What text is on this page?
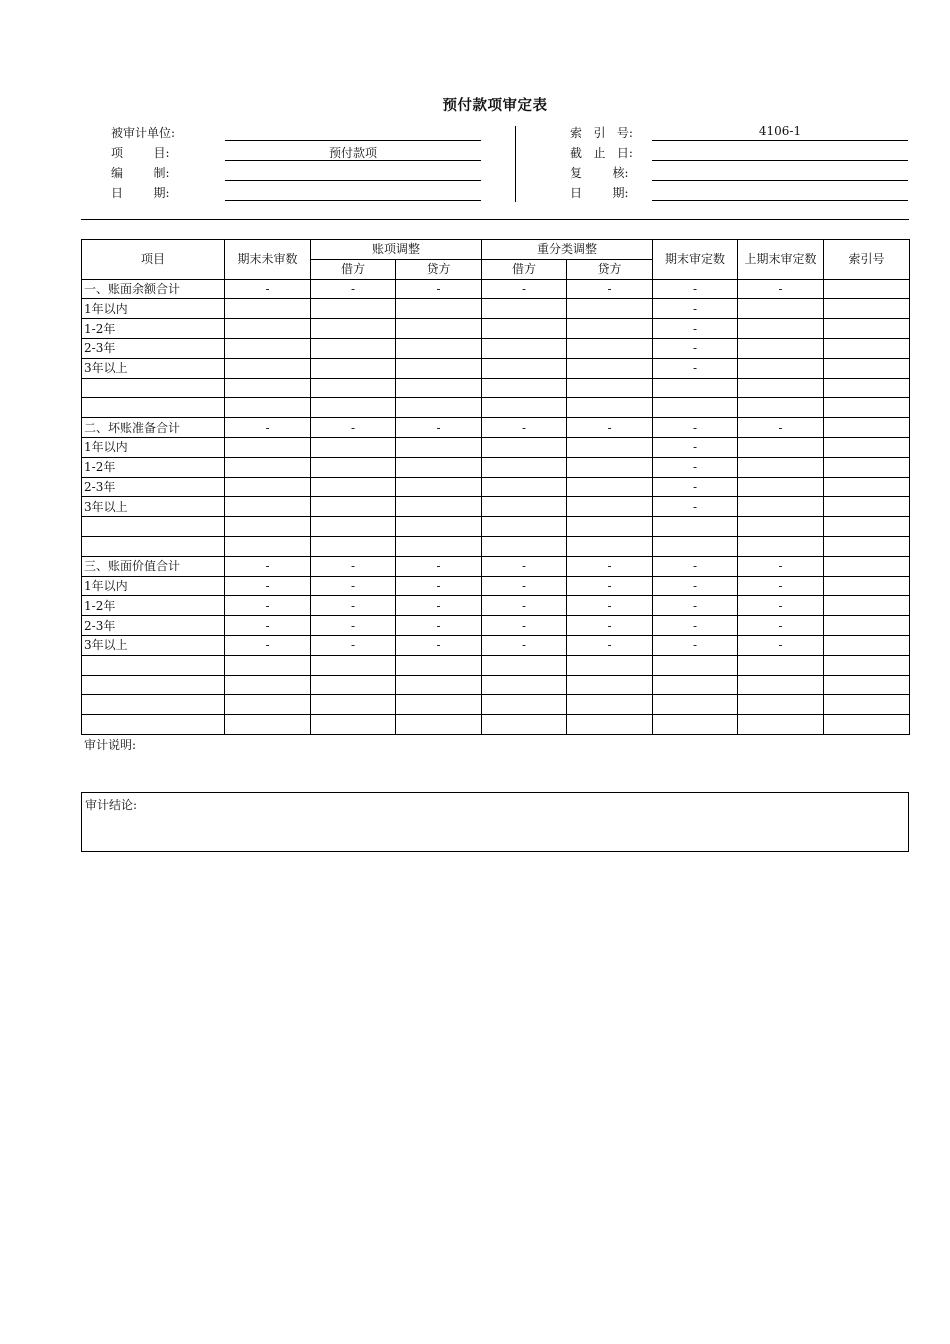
预付款项审定表
被审计单位:
项        目:	预付款项
编        制:
日        期:
索   引   号:	4106-1
截   止   日:
复        核:
日        期:
项目	期末未审数	账项调整		重分类调整		期末审定数	上期末审定数	索引号
		借方	贷方	借方	贷方			
一、账面余额合计	-	-	-	-	-	-	-	
1年以内						-		
1-2年						-		
2-3年						-		
3年以上						-		

二、坏账准备合计	-	-	-	-	-	-	-	
1年以内						-		
1-2年						-		
2-3年						-		
3年以上						-		

三、账面价值合计	-	-	-	-	-	-	-	
1年以内	-	-	-	-	-	-	-	
1-2年	-	-	-	-	-	-	-	
2-3年	-	-	-	-	-	-	-	
3年以上	-	-	-	-	-	-	-	

审计说明:
审计结论:
